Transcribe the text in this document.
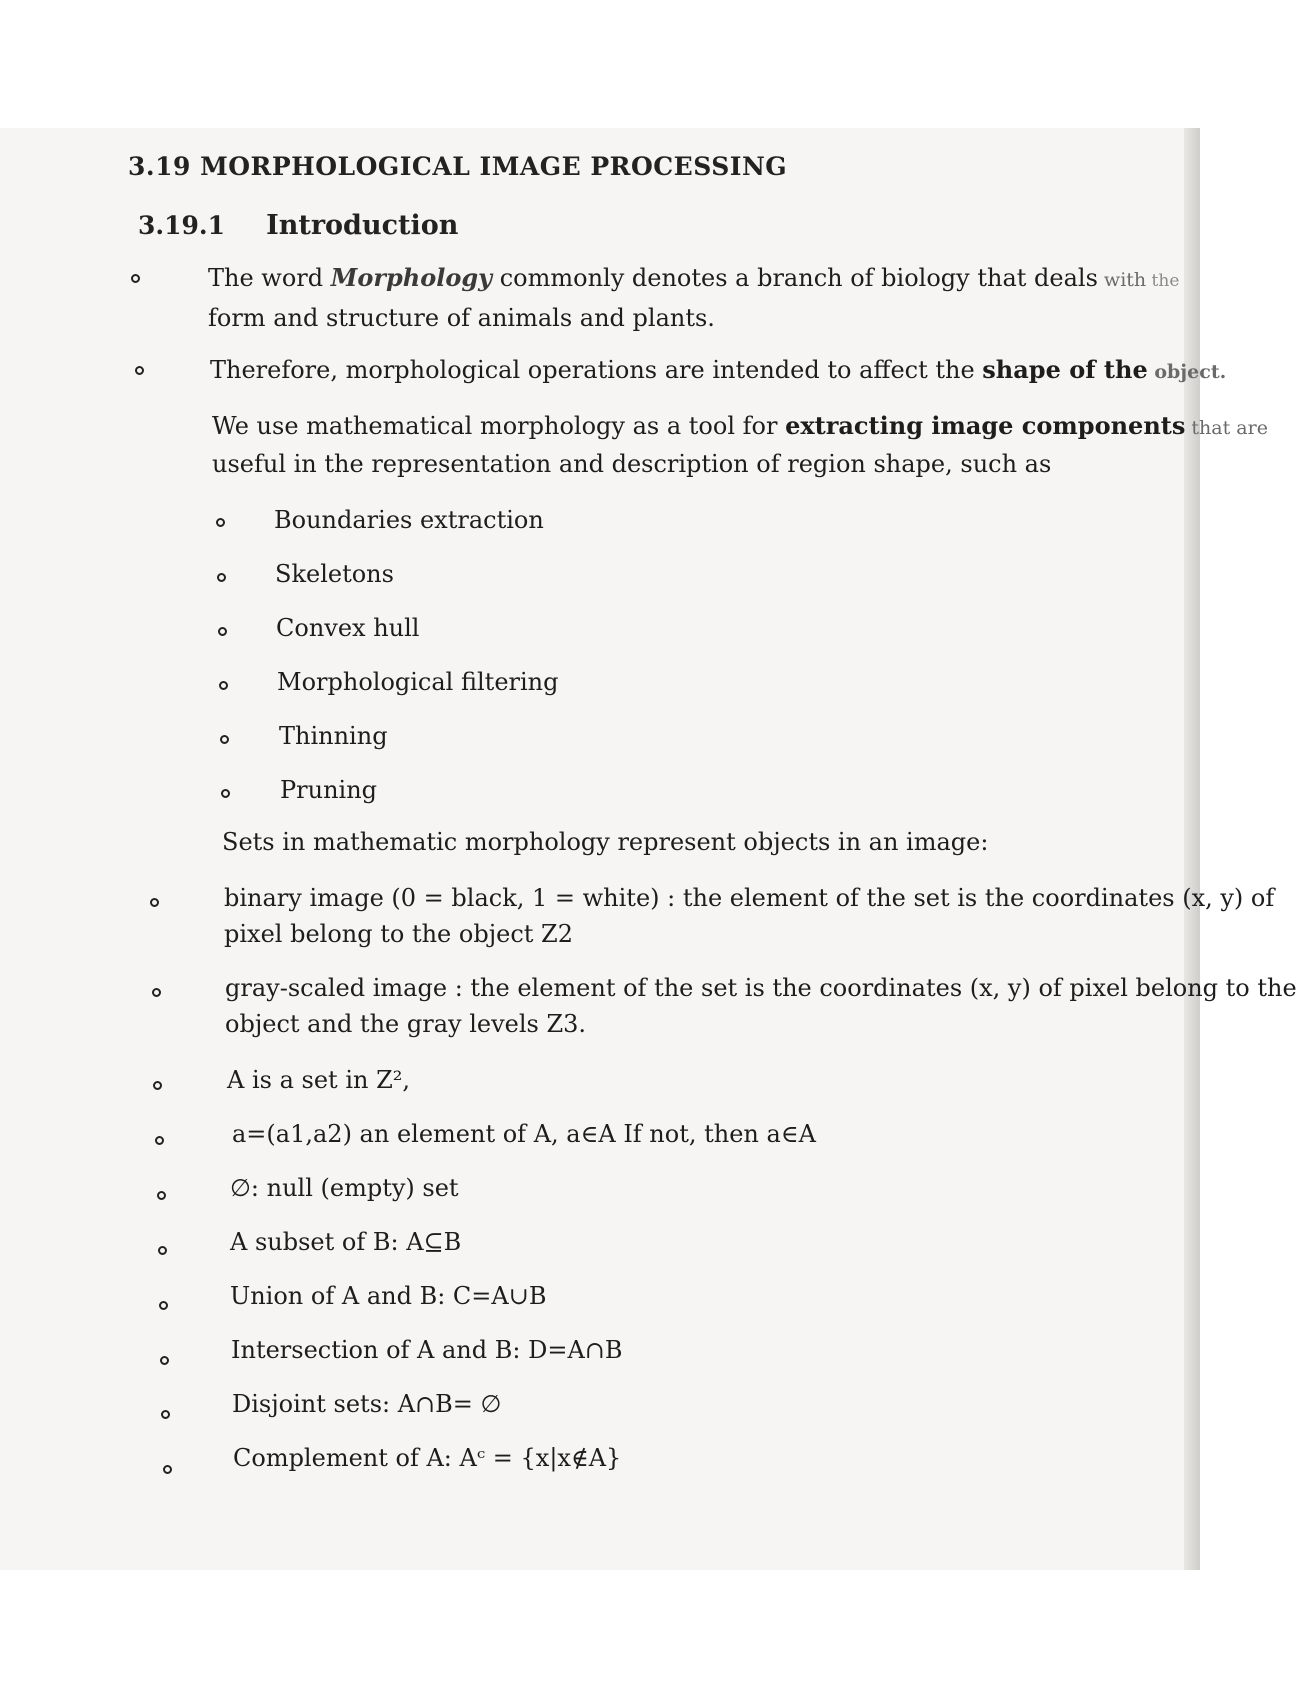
3.19 MORPHOLOGICAL IMAGE PROCESSING
3.19.1 Introduction
The word Morphology commonly denotes a branch of biology that deals with the
form and structure of animals and plants.
Therefore, morphological operations are intended to affect the shape of the object.
We use mathematical morphology as a tool for extracting image components that are
useful in the representation and description of region shape, such as
Boundaries extraction
Skeletons
Convex hull
Morphological filtering
Thinning
Pruning
Sets in mathematic morphology represent objects in an image:
binary image (0 = black, 1 = white) : the element of the set is the coordinates (x, y) of
pixel belong to the object Z2
gray-scaled image : the element of the set is the coordinates (x, y) of pixel belong to the
object and the gray levels Z3.
A is a set in Z²,
a=(a1,a2) an element of A, a∈A If not, then a∈A
∅: null (empty) set
A subset of B: A⊆B
Union of A and B: C=A∪B
Intersection of A and B: D=A∩B
Disjoint sets: A∩B= ∅
Complement of A: Aᶜ = {x|x∉A}
